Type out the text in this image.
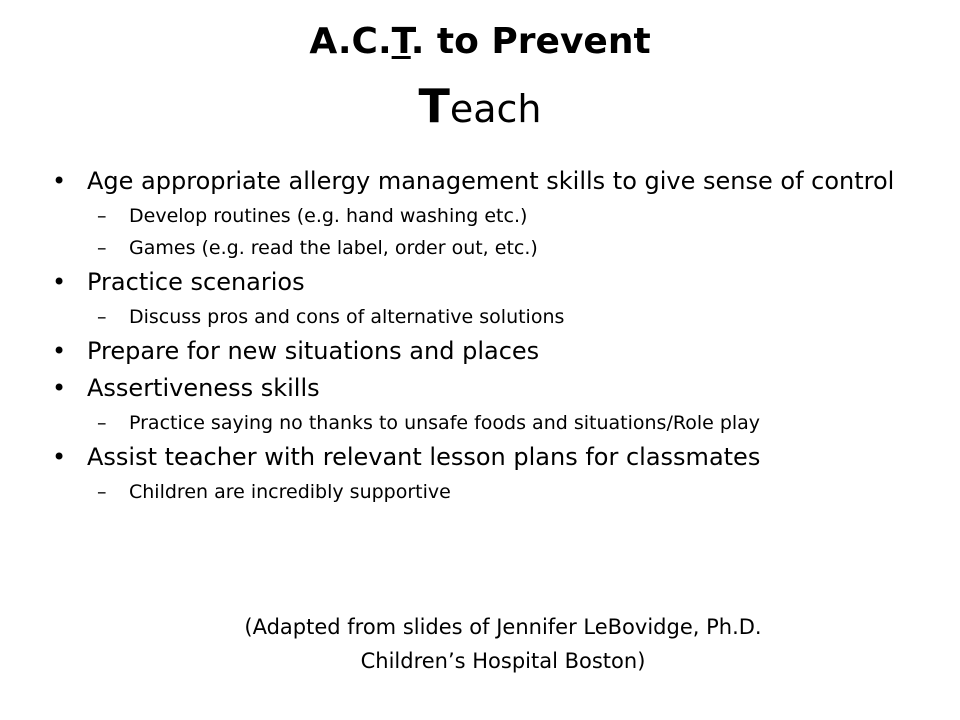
A.C.T. to Prevent
Teach
• Age appropriate allergy management skills to give sense of control
– Develop routines (e.g. hand washing etc.)
– Games (e.g. read the label, order out, etc.)
• Practice scenarios
– Discuss pros and cons of alternative solutions
• Prepare for new situations and places
• Assertiveness skills
– Practice saying no thanks to unsafe foods and situations/Role play
• Assist teacher with relevant lesson plans for classmates
– Children are incredibly supportive
(Adapted from slides of Jennifer LeBovidge, Ph.D.
Children’s Hospital Boston)
